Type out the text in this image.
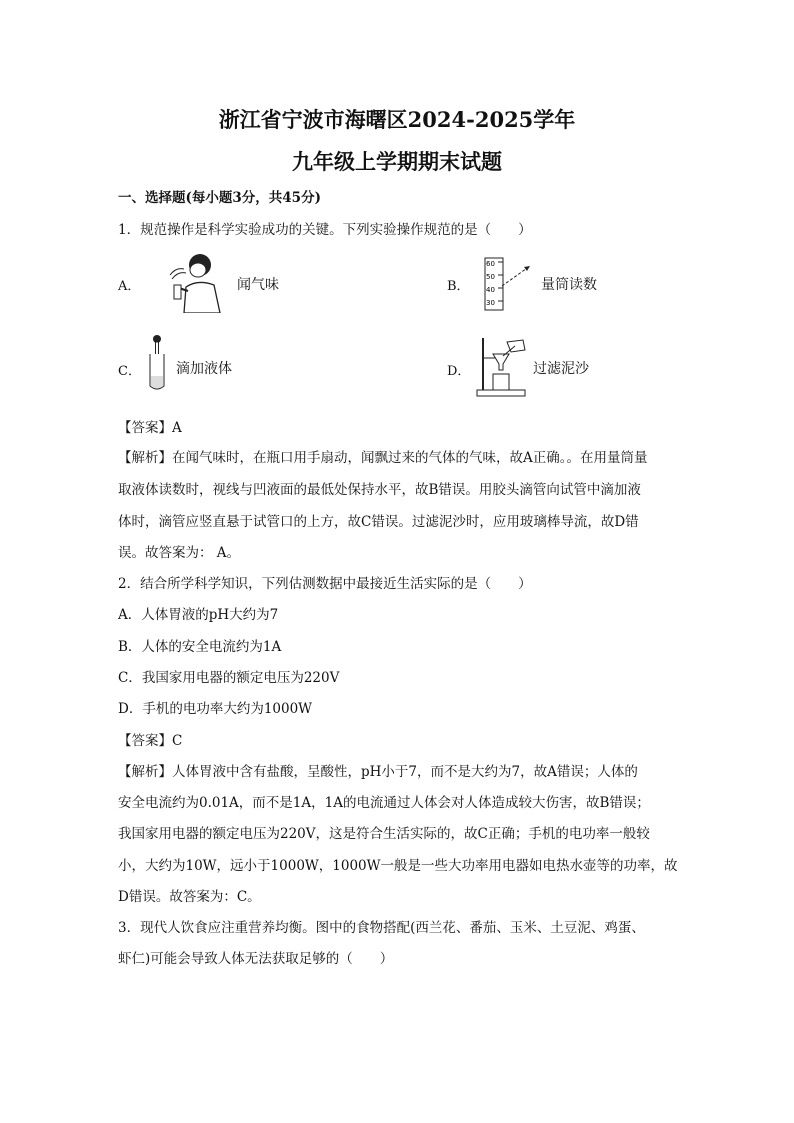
浙江省宁波市海曙区2024-2025学年
九年级上学期期末试题
一、选择题(每小题3分，共45分)
1．规范操作是科学实验成功的关键。下列实验操作规范的是（　　）
A．	闻气味	B．
60
50
40
30
量筒读数
C．	滴加液体	D．	过滤泥沙
【答案】A
【解析】在闻气味时，在瓶口用手扇动，闻飘过来的气体的气味，故A正确。。在用量筒量
取液体读数时，视线与凹液面的最低处保持水平，故B错误。用胶头滴管向试管中滴加液
体时，滴管应竖直悬于试管口的上方，故C错误。过滤泥沙时，应用玻璃棒导流，故D错
误。故答案为： A。
2．结合所学科学知识，下列估测数据中最接近生活实际的是（　　）
A．人体胃液的pH大约为7
B．人体的安全电流约为1A
C．我国家用电器的额定电压为220V
D．手机的电功率大约为1000W
【答案】C
【解析】人体胃液中含有盐酸，呈酸性，pH小于7，而不是大约为7，故A错误；人体的
安全电流约为0.01A，而不是1A，1A的电流通过人体会对人体造成较大伤害，故B错误；
我国家用电器的额定电压为220V，这是符合生活实际的，故C正确；手机的电功率一般较
小，大约为10W，远小于1000W，1000W一般是一些大功率用电器如电热水壶等的功率，故
D错误。故答案为：C。
3．现代人饮食应注重营养均衡。图中的食物搭配(西兰花、番茄、玉米、土豆泥、鸡蛋、
虾仁)可能会导致人体无法获取足够的（　　）
